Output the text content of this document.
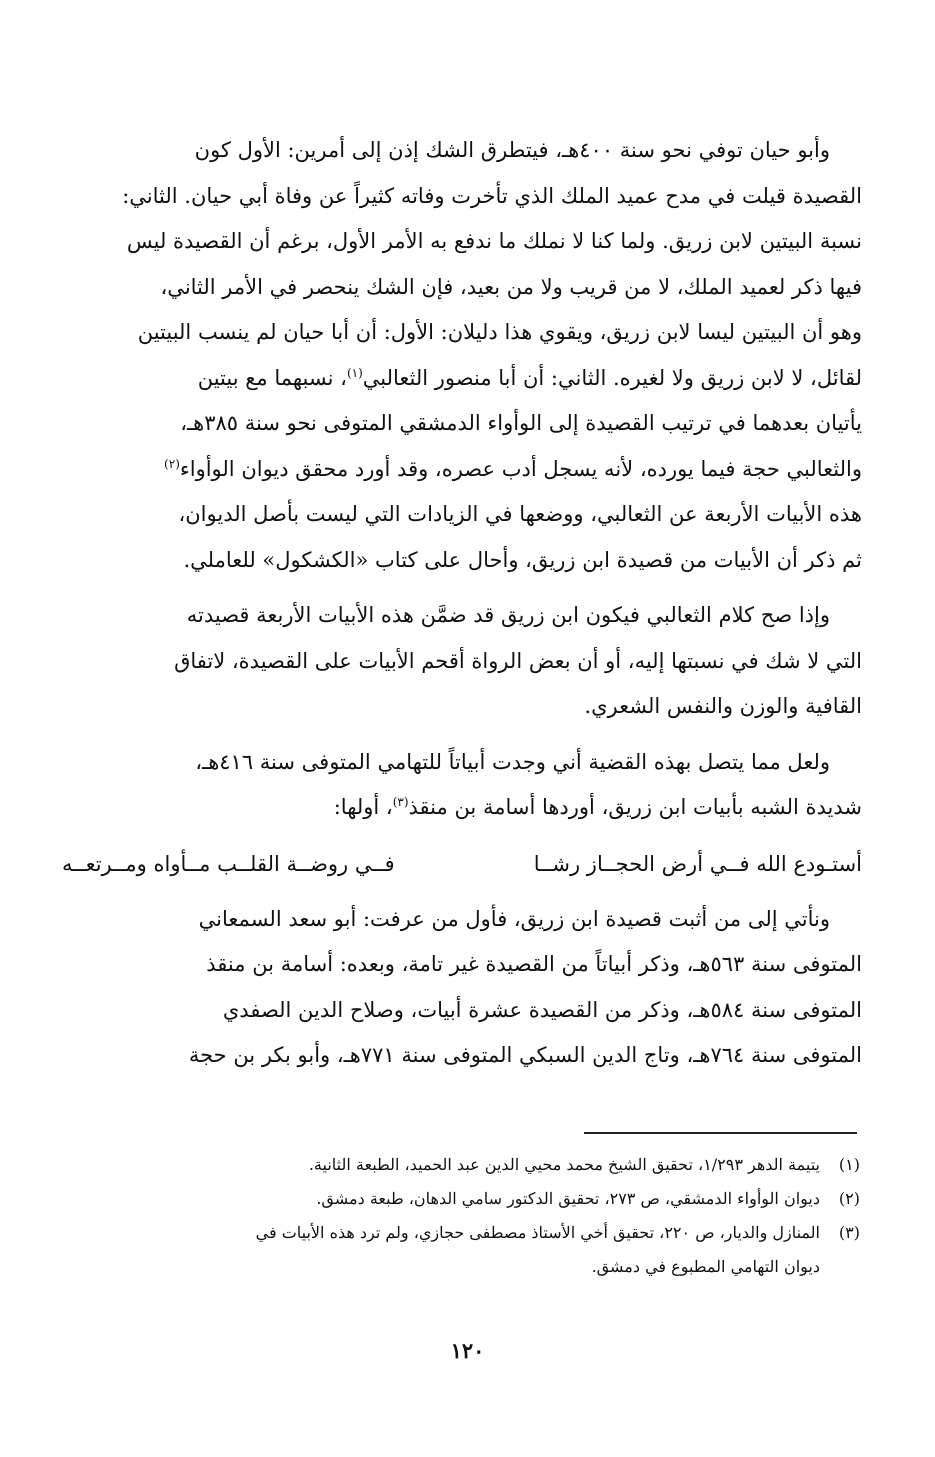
وأبو حيان توفي نحو سنة ٤٠٠هـ، فيتطرق الشك إذن إلى أمرين: الأول كون
القصيدة قيلت في مدح عميد الملك الذي تأخرت وفاته كثيراً عن وفاة أبي حيان. الثاني:
نسبة البيتين لابن زريق. ولما كنا لا نملك ما ندفع به الأمر الأول، برغم أن القصيدة ليس
فيها ذكر لعميد الملك، لا من قريب ولا من بعيد، فإن الشك ينحصر في الأمر الثاني،
وهو أن البيتين ليسا لابن زريق، ويقوي هذا دليلان: الأول: أن أبا حيان لم ينسب البيتين
لقائل، لا لابن زريق ولا لغيره. الثاني: أن أبا منصور الثعالبي$^{(١)}$، نسبهما مع بيتين
يأتيان بعدهما في ترتيب القصيدة إلى الوأواء الدمشقي المتوفى نحو سنة ٣٨٥هـ،
والثعالبي حجة فيما يورده، لأنه يسجل أدب عصره، وقد أورد محقق ديوان الوأواء$^{(٢)}$
هذه الأبيات الأربعة عن الثعالبي، ووضعها في الزيادات التي ليست بأصل الديوان،
ثم ذكر أن الأبيات من قصيدة ابن زريق، وأحال على كتاب «الكشكول» للعاملي.

وإذا صح كلام الثعالبي فيكون ابن زريق قد ضمَّن هذه الأبيات الأربعة قصيدته
التي لا شك في نسبتها إليه، أو أن بعض الرواة أقحم الأبيات على القصيدة، لاتفاق
القافية والوزن والنفس الشعري.

ولعل مما يتصل بهذه القضية أني وجدت أبياتاً للتهامي المتوفى سنة ٤١٦هـ،
شديدة الشبه بأبيات ابن زريق، أوردها أسامة بن منقذ$^{(٣)}$، أولها:

أستـودع الله فــي أرض الحجــاز رشــا
فــي روضــة القلــب مــأواه ومــرتعــه

ونأتي إلى من أثبت قصيدة ابن زريق، فأول من عرفت: أبو سعد السمعاني
المتوفى سنة ٥٦٣هـ، وذكر أبياتاً من القصيدة غير تامة، وبعده: أسامة بن منقذ
المتوفى سنة ٥٨٤هـ، وذكر من القصيدة عشرة أبيات، وصلاح الدين الصفدي
المتوفى سنة ٧٦٤هـ، وتاج الدين السبكي المتوفى سنة ٧٧١هـ، وأبو بكر بن حجة

(١)
يتيمة الدهر ١/٢٩٣، تحقيق الشيخ محمد محيي الدين عبد الحميد، الطبعة الثانية.
(٢)
ديوان الوأواء الدمشقي، ص ٢٧٣، تحقيق الدكتور سامي الدهان، طبعة دمشق.
(٣)
المنازل والديار، ص ٢٢٠، تحقيق أخي الأستاذ مصطفى حجازي، ولم ترد هذه الأبيات في
ديوان التهامي المطبوع في دمشق.
١٢٠
